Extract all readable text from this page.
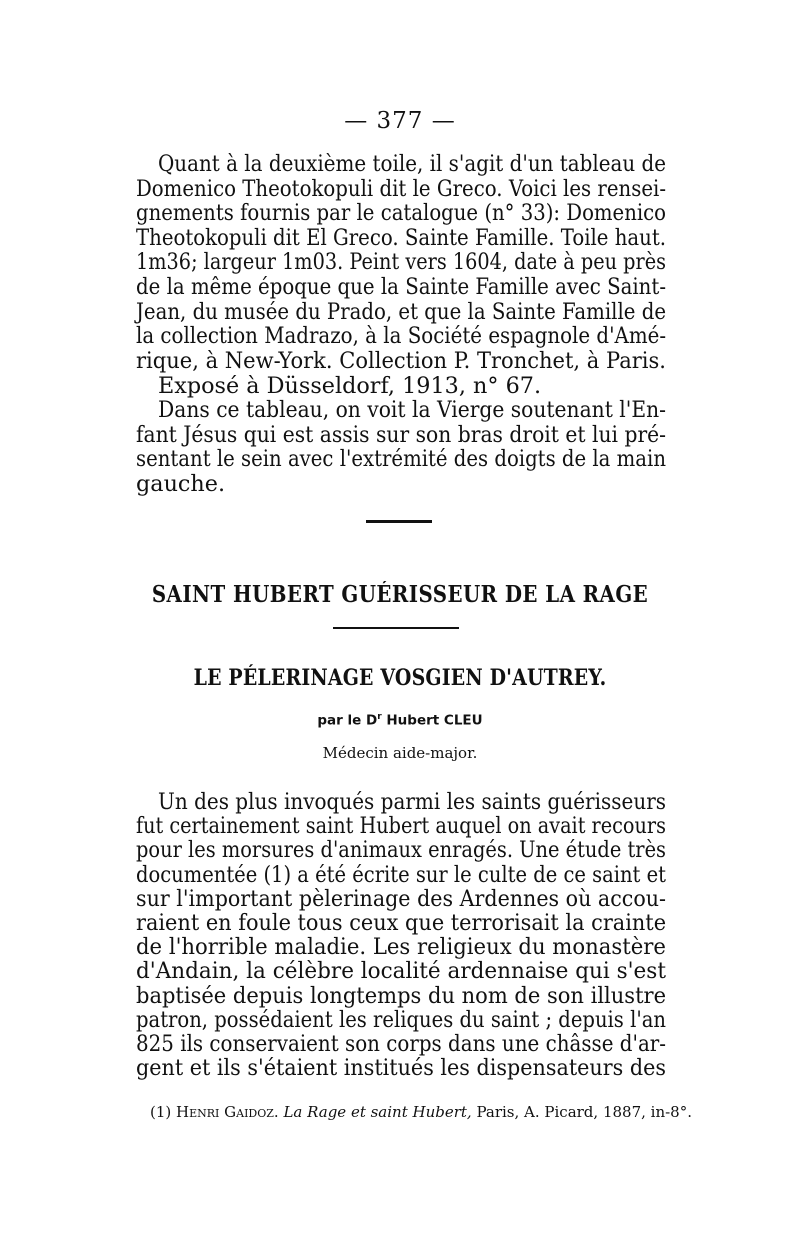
— 377 —
Quant à la deuxième toile, il s'agit d'un tableau de
Domenico Theotokopuli dit le Greco. Voici les rensei-
gnements fournis par le catalogue (n° 33): Domenico
Theotokopuli dit El Greco. Sainte Famille. Toile haut.
1m36; largeur 1m03. Peint vers 1604, date à peu près
de la même époque que la Sainte Famille avec Saint-
Jean, du musée du Prado, et que la Sainte Famille de
la collection Madrazo, à la Société espagnole d'Amé-
rique, à New-York. Collection P. Tronchet, à Paris.
Exposé à Düsseldorf, 1913, n° 67.
Dans ce tableau, on voit la Vierge soutenant l'En-
fant Jésus qui est assis sur son bras droit et lui pré-
sentant le sein avec l'extrémité des doigts de la main
gauche.
SAINT HUBERT GUÉRISSEUR DE LA RAGE
LE PÉLERINAGE VOSGIEN D'AUTREY.
par le $D^r$ Hubert CLEU
Médecin aide-major.
Un des plus invoqués parmi les saints guérisseurs
fut certainement saint Hubert auquel on avait recours
pour les morsures d'animaux enragés. Une étude très
documentée (1) a été écrite sur le culte de ce saint et
sur l'important pèlerinage des Ardennes où accou-
raient en foule tous ceux que terrorisait la crainte
de l'horrible maladie. Les religieux du monastère
d'Andain, la célèbre localité ardennaise qui s'est
baptisée depuis longtemps du nom de son illustre
patron, possédaient les reliques du saint ; depuis l'an
825 ils conservaient son corps dans une châsse d'ar-
gent et ils s'étaient institués les dispensateurs des
(1) Henri Gaidoz. La Rage et saint Hubert, Paris, A. Picard, 1887, in-8°.
